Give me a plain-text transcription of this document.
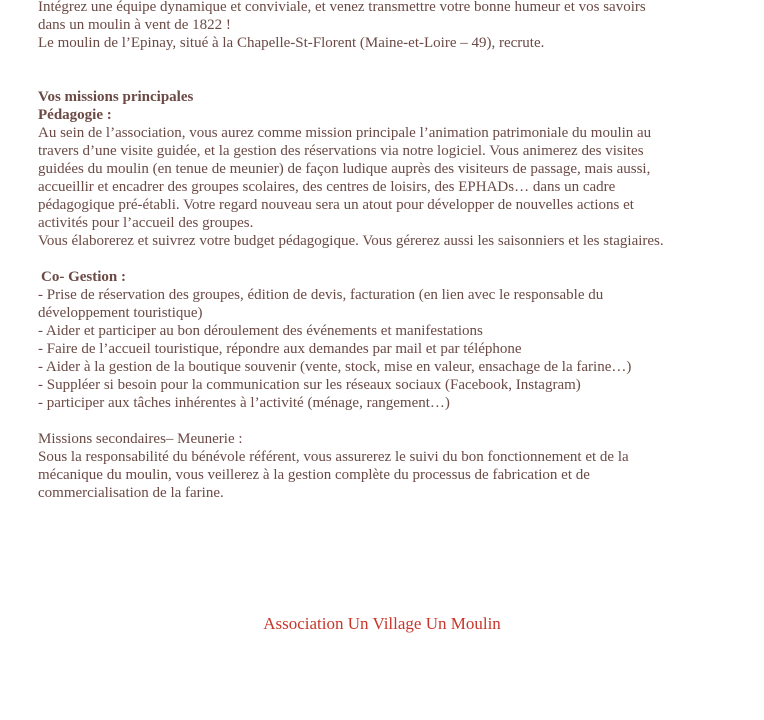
Intégrez une équipe dynamique et conviviale, et venez transmettre votre bonne humeur et vos savoirs
dans un moulin à vent de 1822 !
Le moulin de l’Epinay, situé à la Chapelle-St-Florent (Maine-et-Loire – 49), recrute.
Vos missions principales
Pédagogie :
Au sein de l’association, vous aurez comme mission principale l’animation patrimoniale du moulin au
travers d’une visite guidée, et la gestion des réservations via notre logiciel. Vous animerez des visites
guidées du moulin (en tenue de meunier) de façon ludique auprès des visiteurs de passage, mais aussi,
accueillir et encadrer des groupes scolaires, des centres de loisirs, des EPHADs… dans un cadre
pédagogique pré-établi. Votre regard nouveau sera un atout pour développer de nouvelles actions et
activités pour l’accueil des groupes.
Vous élaborerez et suivrez votre budget pédagogique. Vous gérerez aussi les saisonniers et les stagiaires.
Co- Gestion :
- Prise de réservation des groupes, édition de devis, facturation (en lien avec le responsable du
développement touristique)
- Aider et participer au bon déroulement des événements et manifestations
- Faire de l’accueil touristique, répondre aux demandes par mail et par téléphone
- Aider à la gestion de la boutique souvenir (vente, stock, mise en valeur, ensachage de la farine…)
- Suppléer si besoin pour la communication sur les réseaux sociaux (Facebook, Instagram)
- participer aux tâches inhérentes à l’activité (ménage, rangement…)
Missions secondaires– Meunerie :
Sous la responsabilité du bénévole référent, vous assurerez le suivi du bon fonctionnement et de la
mécanique du moulin, vous veillerez à la gestion complète du processus de fabrication et de
commercialisation de la farine.
Association Un Village Un Moulin
